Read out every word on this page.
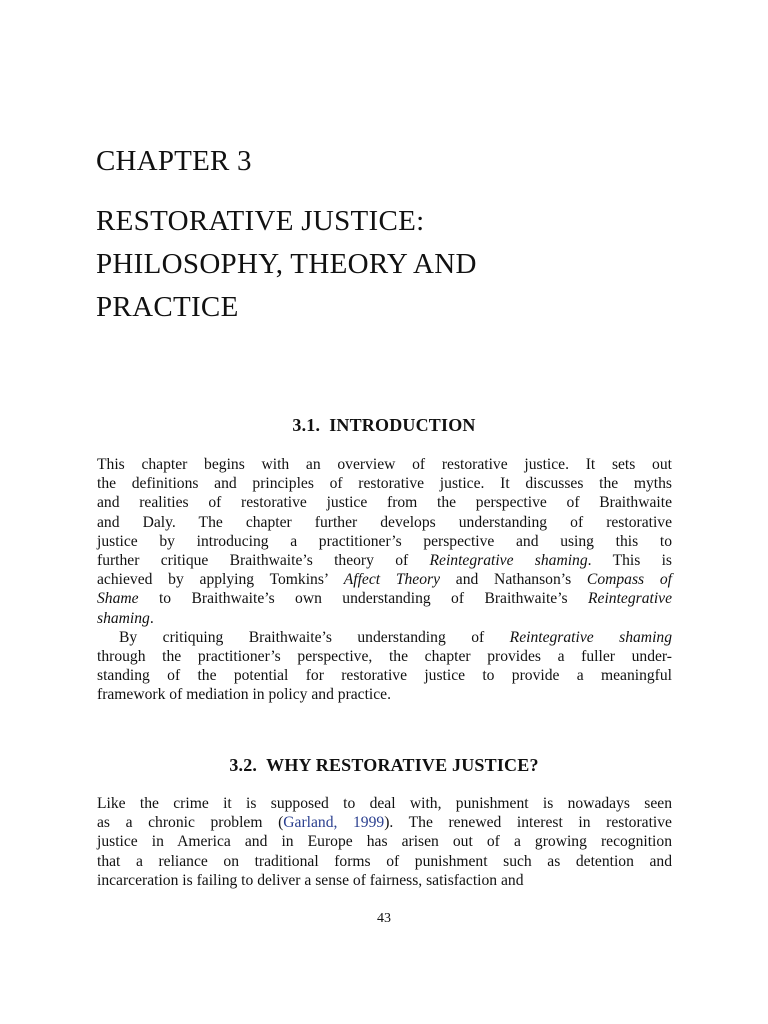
CHAPTER 3
RESTORATIVE JUSTICE:
PHILOSOPHY, THEORY AND
PRACTICE
3.1. INTRODUCTION

This chapter begins with an overview of restorative justice. It sets out
the definitions and principles of restorative justice. It discusses the myths
and realities of restorative justice from the perspective of Braithwaite
and Daly. The chapter further develops understanding of restorative
justice by introducing a practitioner’s perspective and using this to
further critique Braithwaite’s theory of Reintegrative shaming. This is
achieved by applying Tomkins’ Affect Theory and Nathanson’s Compass of
Shame to Braithwaite’s own understanding of Braithwaite’s Reintegrative
shaming.

By critiquing Braithwaite’s understanding of Reintegrative shaming
through the practitioner’s perspective, the chapter provides a fuller under-
standing of the potential for restorative justice to provide a meaningful
framework of mediation in policy and practice.

3.2. WHY RESTORATIVE JUSTICE?

Like the crime it is supposed to deal with, punishment is nowadays seen
as a chronic problem (Garland, 1999). The renewed interest in restorative
justice in America and in Europe has arisen out of a growing recognition
that a reliance on traditional forms of punishment such as detention and
incarceration is failing to deliver a sense of fairness, satisfaction and

43
